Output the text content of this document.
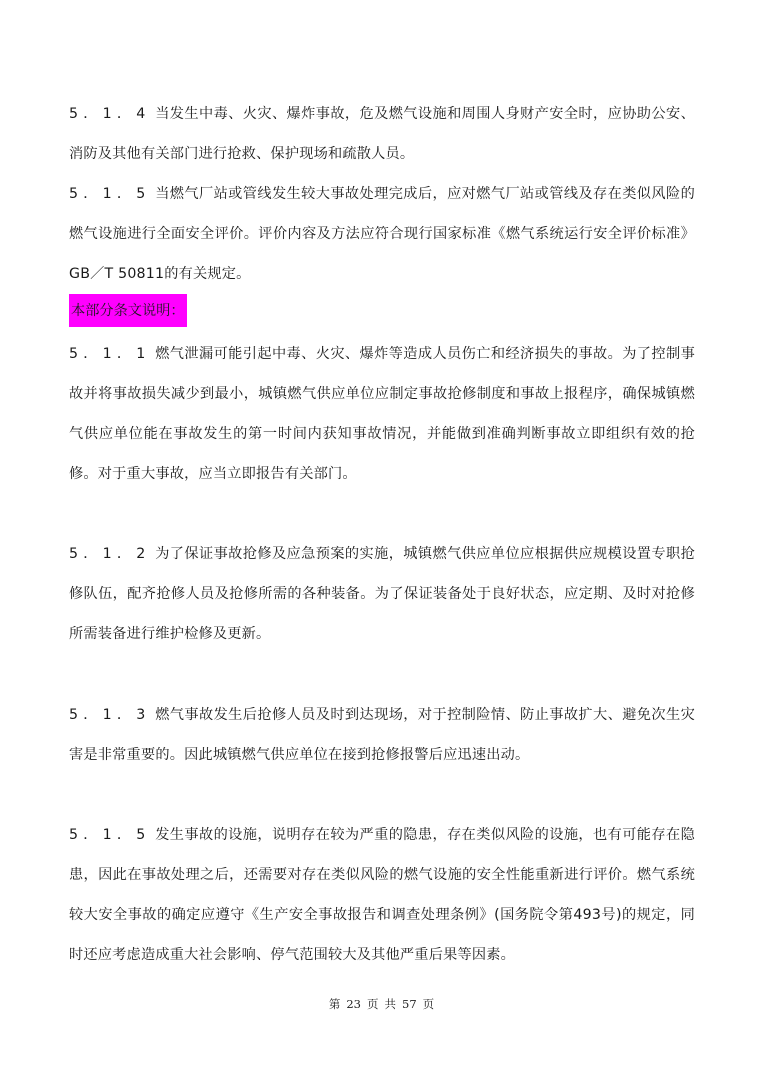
5．1．4 当发生中毒、火灾、爆炸事故，危及燃气设施和周围人身财产安全时，应协助公安、消防及其他有关部门进行抢救、保护现场和疏散人员。

5．1．5 当燃气厂站或管线发生较大事故处理完成后，应对燃气厂站或管线及存在类似风险的燃气设施进行全面安全评价。评价内容及方法应符合现行国家标准《燃气系统运行安全评价标准》GB／T 50811的有关规定。

本部分条文说明：

5．1．1 燃气泄漏可能引起中毒、火灾、爆炸等造成人员伤亡和经济损失的事故。为了控制事故并将事故损失减少到最小，城镇燃气供应单位应制定事故抢修制度和事故上报程序，确保城镇燃气供应单位能在事故发生的第一时间内获知事故情况，并能做到准确判断事故立即组织有效的抢修。对于重大事故，应当立即报告有关部门。

5．1．2 为了保证事故抢修及应急预案的实施，城镇燃气供应单位应根据供应规模设置专职抢修队伍，配齐抢修人员及抢修所需的各种装备。为了保证装备处于良好状态，应定期、及时对抢修所需装备进行维护检修及更新。

5．1．3 燃气事故发生后抢修人员及时到达现场，对于控制险情、防止事故扩大、避免次生灾害是非常重要的。因此城镇燃气供应单位在接到抢修报警后应迅速出动。

5．1．5 发生事故的设施，说明存在较为严重的隐患，存在类似风险的设施，也有可能存在隐患，因此在事故处理之后，还需要对存在类似风险的燃气设施的安全性能重新进行评价。燃气系统较大安全事故的确定应遵守《生产安全事故报告和调查处理条例》(国务院令第493号)的规定，同时还应考虑造成重大社会影响、停气范围较大及其他严重后果等因素。

第 23 页 共 57 页
